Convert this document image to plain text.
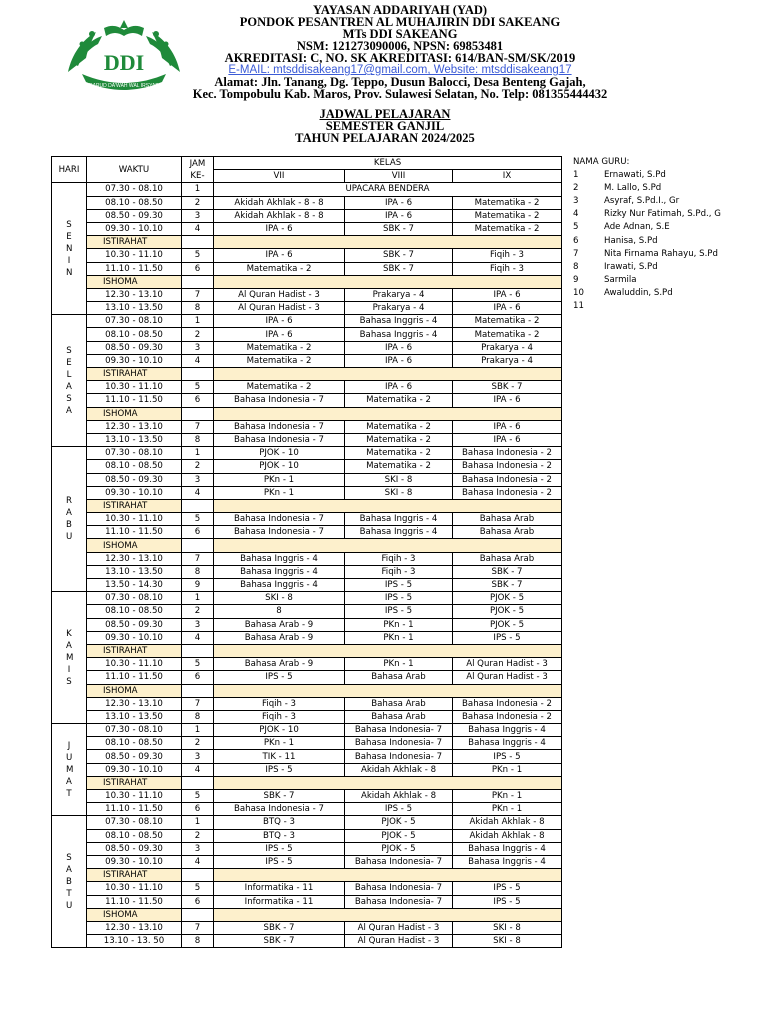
DDI
DARUD DA'WAH WAL IRSYAD
YAYASAN ADDARIYAH (YAD)
PONDOK PESANTREN AL MUHAJIRIN DDI SAKEANG
MTs DDI SAKEANG
NSM: 121273090006, NPSN: 69853481
AKREDITASI: C, NO. SK AKREDITASI: 614/BAN-SM/SK/2019
E-MAIL: mtsddisakeang17@gmail.com, Website: mtsddisakeang17
Alamat: Jln. Tanang, Dg. Teppo, Dusun Balocci, Desa Benteng Gajah,
Kec. Tompobulu Kab. Maros, Prov. Sulawesi Selatan, No. Telp: 081355444432
JADWAL PELAJARAN
SEMESTER GANJIL
TAHUN PELAJARAN 2024/2025
HARI	WAKTU	JAM KE-	KELAS		
			VII	VIII	IX
S E N I N	07.30 - 08.10	1	UPACARA BENDERA		
	08.10 - 08.50	2	Akidah Akhlak - 8 - 8	IPA - 6	Matematika - 2
	08.50 - 09.30	3	Akidah Akhlak - 8 - 8	IPA - 6	Matematika - 2
	09.30 - 10.10	4	IPA - 6	SBK - 7	Matematika - 2
	ISTIRAHAT				
	10.30 - 11.10	5	IPA - 6	SBK - 7	Fiqih - 3
	11.10 - 11.50	6	Matematika - 2	SBK - 7	Fiqih - 3
	ISHOMA				
	12.30 - 13.10	7	Al Quran Hadist - 3	Prakarya - 4	IPA - 6
	13.10 - 13.50	8	Al Quran Hadist - 3	Prakarya - 4	IPA - 6
S E L A S A	07.30 - 08.10	1	IPA - 6	Bahasa Inggris - 4	Matematika - 2
	08.10 - 08.50	2	IPA - 6	Bahasa Inggris - 4	Matematika - 2
	08.50 - 09.30	3	Matematika - 2	IPA - 6	Prakarya - 4
	09.30 - 10.10	4	Matematika - 2	IPA - 6	Prakarya - 4
	ISTIRAHAT				
	10.30 - 11.10	5	Matematika - 2	IPA - 6	SBK - 7
	11.10 - 11.50	6	Bahasa Indonesia - 7	Matematika - 2	IPA - 6
	ISHOMA				
	12.30 - 13.10	7	Bahasa Indonesia - 7	Matematika - 2	IPA - 6
	13.10 - 13.50	8	Bahasa Indonesia - 7	Matematika - 2	IPA - 6
R A B U	07.30 - 08.10	1	PJOK - 10	Matematika - 2	Bahasa Indonesia - 2
	08.10 - 08.50	2	PJOK - 10	Matematika - 2	Bahasa Indonesia - 2
	08.50 - 09.30	3	PKn - 1	SKI - 8	Bahasa Indonesia - 2
	09.30 - 10.10	4	PKn - 1	SKI - 8	Bahasa Indonesia - 2
	ISTIRAHAT				
	10.30 - 11.10	5	Bahasa Indonesia - 7	Bahasa Inggris - 4	Bahasa Arab
	11.10 - 11.50	6	Bahasa Indonesia - 7	Bahasa Inggris - 4	Bahasa Arab
	ISHOMA				
	12.30 - 13.10	7	Bahasa Inggris - 4	Fiqih - 3	Bahasa Arab
	13.10 - 13.50	8	Bahasa Inggris - 4	Fiqih - 3	SBK - 7
	13.50 - 14.30	9	Bahasa Inggris - 4	IPS - 5	SBK - 7
K A M I S	07.30 - 08.10	1	SKI - 8	IPS - 5	PJOK - 5
	08.10 - 08.50	2	8	IPS - 5	PJOK - 5
	08.50 - 09.30	3	Bahasa Arab - 9	PKn - 1	PJOK - 5
	09.30 - 10.10	4	Bahasa Arab - 9	PKn - 1	IPS - 5
	ISTIRAHAT				
	10.30 - 11.10	5	Bahasa Arab - 9	PKn - 1	Al Quran Hadist - 3
	11.10 - 11.50	6	IPS - 5	Bahasa Arab	Al Quran Hadist - 3
	ISHOMA				
	12.30 - 13.10	7	Fiqih - 3	Bahasa Arab	Bahasa Indonesia - 2
	13.10 - 13.50	8	Fiqih - 3	Bahasa Arab	Bahasa Indonesia - 2
J U M A T	07.30 - 08.10	1	PJOK - 10	Bahasa Indonesia- 7	Bahasa Inggris - 4
	08.10 - 08.50	2	PKn - 1	Bahasa Indonesia- 7	Bahasa Inggris - 4
	08.50 - 09.30	3	TIK - 11	Bahasa Indonesia- 7	IPS - 5
	09.30 - 10.10	4	IPS - 5	Akidah Akhlak - 8	PKn - 1
	ISTIRAHAT				
	10.30 - 11.10	5	SBK - 7	Akidah Akhlak - 8	PKn - 1
	11.10 - 11.50	6	Bahasa Indonesia - 7	IPS - 5	PKn - 1
S A B T U	07.30 - 08.10	1	BTQ - 3	PJOK - 5	Akidah Akhlak - 8
	08.10 - 08.50	2	BTQ - 3	PJOK - 5	Akidah Akhlak - 8
	08.50 - 09.30	3	IPS - 5	PJOK - 5	Bahasa Inggris - 4
	09.30 - 10.10	4	IPS - 5	Bahasa Indonesia- 7	Bahasa Inggris - 4
	ISTIRAHAT				
	10.30 - 11.10	5	Informatika - 11	Bahasa Indonesia- 7	IPS - 5
	11.10 - 11.50	6	Informatika - 11	Bahasa Indonesia- 7	IPS - 5
	ISHOMA				
	12.30 - 13.10	7	SBK - 7	Al Quran Hadist - 3	SKI - 8
	13.10 - 13. 50	8	SBK - 7	Al Quran Hadist - 3	SKI - 8
NAMA GURU:
1	Ernawati, S.Pd
2	M. Lallo, S.Pd
3	Asyraf, S.Pd.I., Gr
4	Rizky Nur Fatimah, S.Pd., G
5	Ade Adnan, S.E
6	Hanisa, S.Pd
7	Nita Firnama Rahayu, S.Pd
8	Irawati, S.Pd
9	Sarmila
10 Awaluddin, S.Pd
11
